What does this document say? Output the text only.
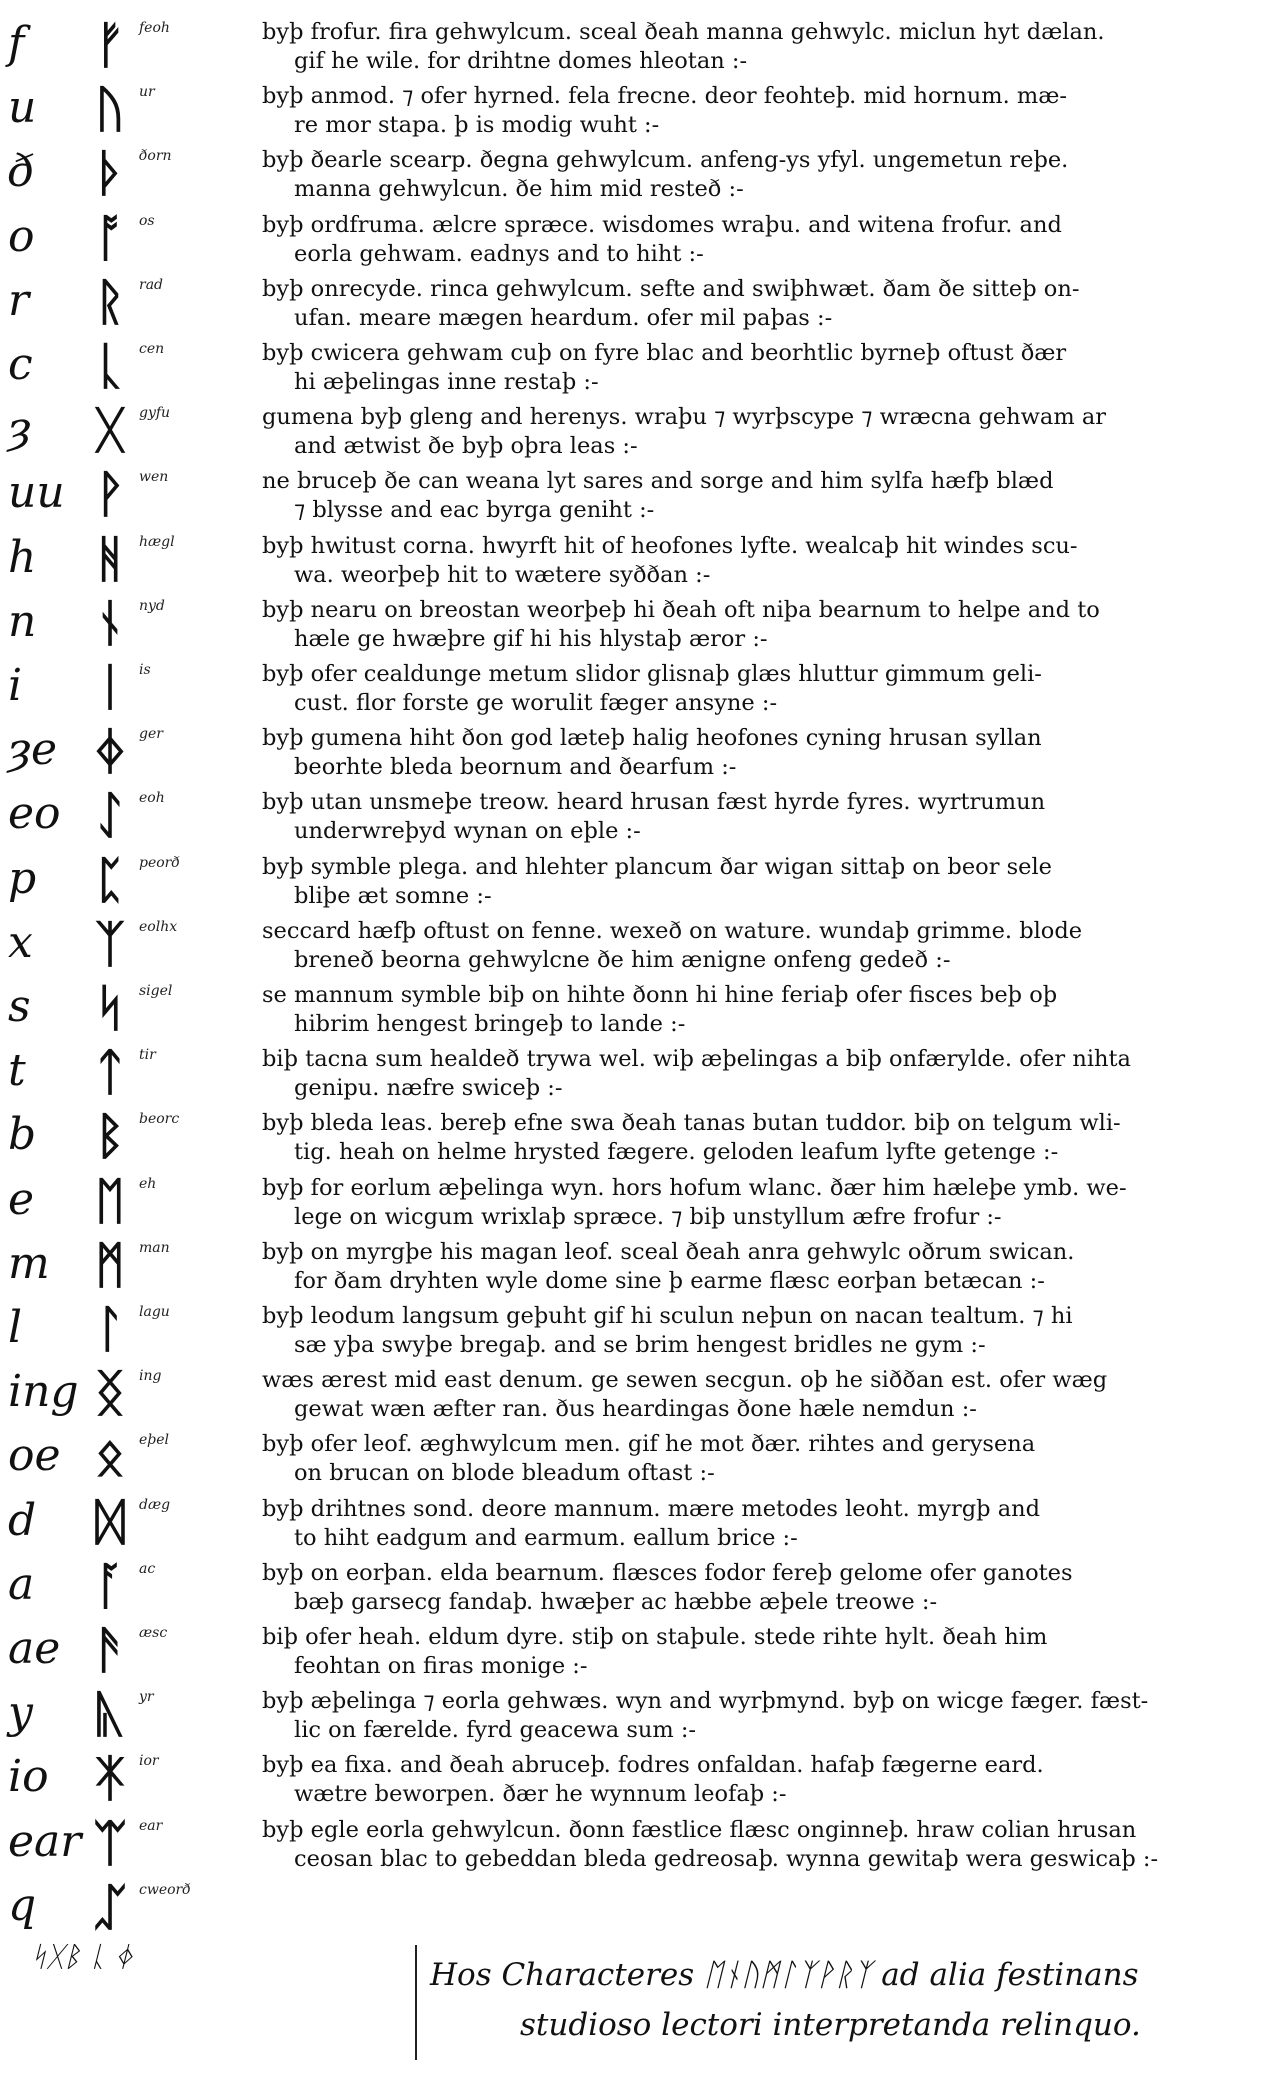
f
u
ð
o
r
c
ȝ
uu
h
n
i
ȝe
eo
p
x
s
t
b
e
m
l
ing
oe
d
a
ae
y
io
ear
q
ᚠ feoh
ᚢ ur
ᚦ ðorn
ᚩ os
ᚱ rad
ᚳ cen
ᚷ gyfu
ᚹ wen
ᚻ hægl
ᚾ nyd
ᛁ is
ᛄ ger
ᛇ eoh
ᛈ peorð
ᛉ eolhx
ᛋ sigel
ᛏ tir
ᛒ beorc
ᛖ eh
ᛗ man
ᛚ lagu
ᛝ ing
ᛟ eþel
ᛞ dæg
ᚪ ac
ᚫ æsc
ᚣ yr
ᛡ ior
ᛠ ear
ᛢ cweorð
byþ frofur. fira gehwylcum. sceal ðeah manna gehwylc. miclun hyt dælan.
gif he wile. for drihtne domes hleotan :-
byþ anmod. ⁊ ofer hyrned. fela frecne. deor feohteþ. mid hornum. mæ-
re mor stapa. þ is modig wuht :-
byþ ðearle scearp. ðegna gehwylcum. anfeng-ys yfyl. ungemetun reþe.
manna gehwylcun. ðe him mid resteð :-
byþ ordfruma. ælcre spræce. wisdomes wraþu. and witena frofur. and
eorla gehwam. eadnys and to hiht :-
byþ onrecyde. rinca gehwylcum. sefte and swiþhwæt. ðam ðe sitteþ on-
ufan. meare mægen heardum. ofer mil paþas :-
byþ cwicera gehwam cuþ on fyre blac and beorhtlic byrneþ oftust ðær
hi æþelingas inne restaþ :-
gumena byþ gleng and herenys. wraþu ⁊ wyrþscype ⁊ wræcna gehwam ar
and ætwist ðe byþ oþra leas :-
ne bruceþ ðe can weana lyt sares and sorge and him sylfa hæfþ blæd
⁊ blysse and eac byrga geniht :-
byþ hwitust corna. hwyrft hit of heofones lyfte. wealcaþ hit windes scu-
wa. weorþeþ hit to wætere syððan :-
byþ nearu on breostan weorþeþ hi ðeah oft niþa bearnum to helpe and to
hæle ge hwæþre gif hi his hlystaþ æror :-
byþ ofer cealdunge metum slidor glisnaþ glæs hluttur gimmum geli-
cust. flor forste ge worulit fæger ansyne :-
byþ gumena hiht ðon god læteþ halig heofones cyning hrusan syllan
beorhte bleda beornum and ðearfum :-
byþ utan unsmeþe treow. heard hrusan fæst hyrde fyres. wyrtrumun
underwreþyd wynan on eþle :-
byþ symble plega. and hlehter plancum ðar wigan sittaþ on beor sele
bliþe æt somne :-
seccard hæfþ oftust on fenne. wexeð on wature. wundaþ grimme. blode
breneð beorna gehwylcne ðe him ænigne onfeng gedeð :-
se mannum symble biþ on hihte ðonn hi hine feriaþ ofer fisces beþ oþ
hibrim hengest bringeþ to lande :-
biþ tacna sum healdeð trywa wel. wiþ æþelingas a biþ onfærylde. ofer nihta
genipu. næfre swiceþ :-
byþ bleda leas. bereþ efne swa ðeah tanas butan tuddor. biþ on telgum wli-
tig. heah on helme hrysted fægere. geloden leafum lyfte getenge :-
byþ for eorlum æþelinga wyn. hors hofum wlanc. ðær him hæleþe ymb. we-
lege on wicgum wrixlaþ spræce. ⁊ biþ unstyllum æfre frofur :-
byþ on myrgþe his magan leof. sceal ðeah anra gehwylc oðrum swican.
for ðam dryhten wyle dome sine þ earme flæsc eorþan betæcan :-
byþ leodum langsum geþuht gif hi sculun neþun on nacan tealtum. ⁊ hi
sæ yþa swyþe bregaþ. and se brim hengest bridles ne gym :-
wæs ærest mid east denum. ge sewen secgun. oþ he siððan est. ofer wæg
gewat wæn æfter ran. ðus heardingas ðone hæle nemdun :-
byþ ofer leof. æghwylcum men. gif he mot ðær. rihtes and gerysena
on brucan on blode bleadum oftast :-
byþ drihtnes sond. deore mannum. mære metodes leoht. myrgþ and
to hiht eadgum and earmum. eallum brice :-
byþ on eorþan. elda bearnum. flæsces fodor fereþ gelome ofer ganotes
bæþ garsecg fandaþ. hwæþer ac hæbbe æþele treowe :-
biþ ofer heah. eldum dyre. stiþ on staþule. stede rihte hylt. ðeah him
feohtan on firas monige :-
byþ æþelinga ⁊ eorla gehwæs. wyn and wyrþmynd. byþ on wicge fæger. fæst-
lic on færelde. fyrd geacewa sum :-
byþ ea fixa. and ðeah abruceþ. fodres onfaldan. hafaþ fægerne eard.
wætre beworpen. ðær he wynnum leofaþ :-
byþ egle eorla gehwylcun. ðonn fæstlice flæsc onginneþ. hraw colian hrusan
ceosan blac to gebeddan bleda gedreosaþ. wynna gewitaþ wera geswicaþ :-
ᛋᚷᛒ ᚳ ᛄ
Hos Characteres ᛖᚾᚢᛗᛚᛉᚹᚱᛉ ad alia festinans
studioso lectori interpretanda relinquo.
